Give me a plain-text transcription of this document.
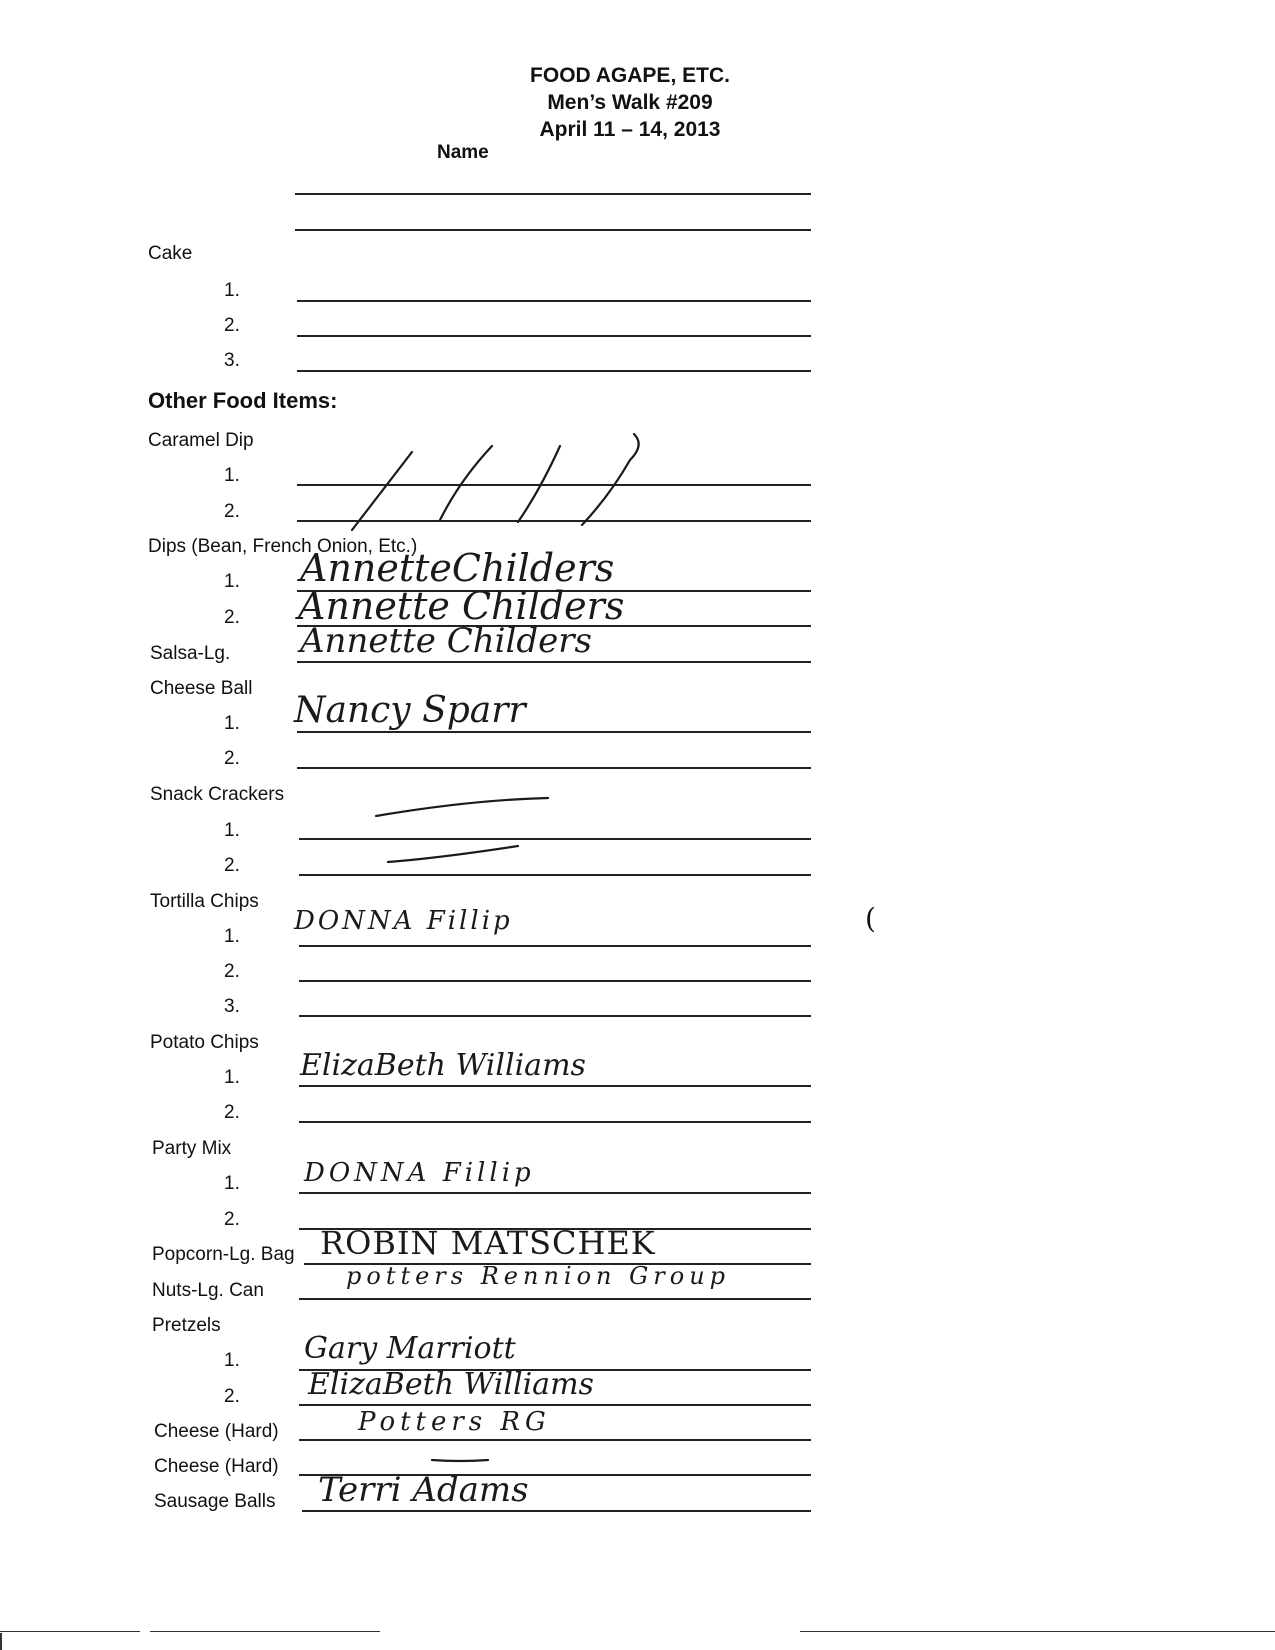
FOOD AGAPE, ETC.
Men’s Walk #209
April 11 – 14, 2013
Name
Cake
1.
2.
3.
Other Food Items:
Caramel Dip
1.
2.
Dips (Bean, French Onion, Etc.)
1. AnnetteChilders
2. Annette Childers
Salsa-Lg. Annette Childers
Cheese Ball
1. Nancy Sparr
2.
Snack Crackers
1.
2.
Tortilla Chips
1.
DONNA Fillip
2.
3.
(
Potato Chips
1. ElizaBeth Williams
2.
Party Mix
1. DONNA Fillip
2.
Popcorn-Lg. Bag ROBIN MATSCHEK
Nuts-Lg. Can
potters Rennion Group
Pretzels
1. Gary Marriott
2. ElizaBeth Williams
Cheese (Hard)	Potters RG
Cheese (Hard)
Sausage Balls Terri Adams
